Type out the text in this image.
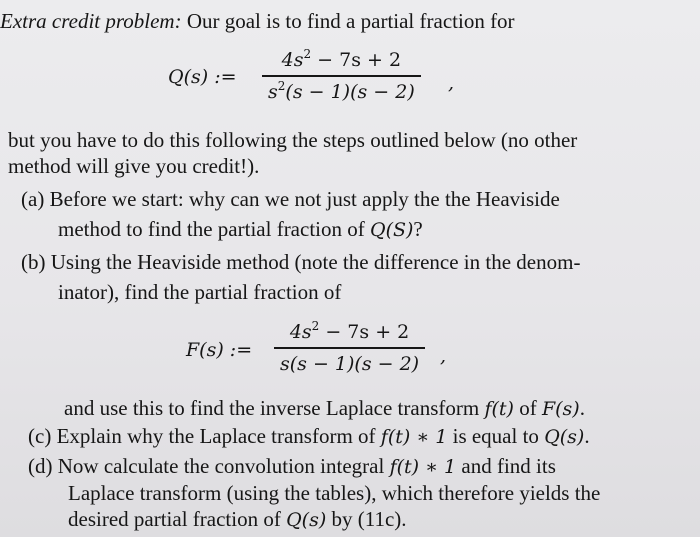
Extra credit problem: Our goal is to find a partial fraction for
Q(s) :=
$4s^2 - 7s + 2$
$s^2(s - 1)(s - 2)$	,
but you have to do this following the steps outlined below (no other
method will give you credit!).
(a) Before we start: why can we not just apply the the Heaviside
method to find the partial fraction of Q(S)?
(b) Using the Heaviside method (note the difference in the denom-
inator), find the partial fraction of
F(s) :=
$4s^2 - 7s + 2$
s(s − 1)(s − 2)	,
and use this to find the inverse Laplace transform f(t) of F(s).
(c) Explain why the Laplace transform of f(t) ∗ 1 is equal to Q(s).
(d) Now calculate the convolution integral f(t) ∗ 1 and find its
Laplace transform (using the tables), which therefore yields the
desired partial fraction of Q(s) by (11c).
